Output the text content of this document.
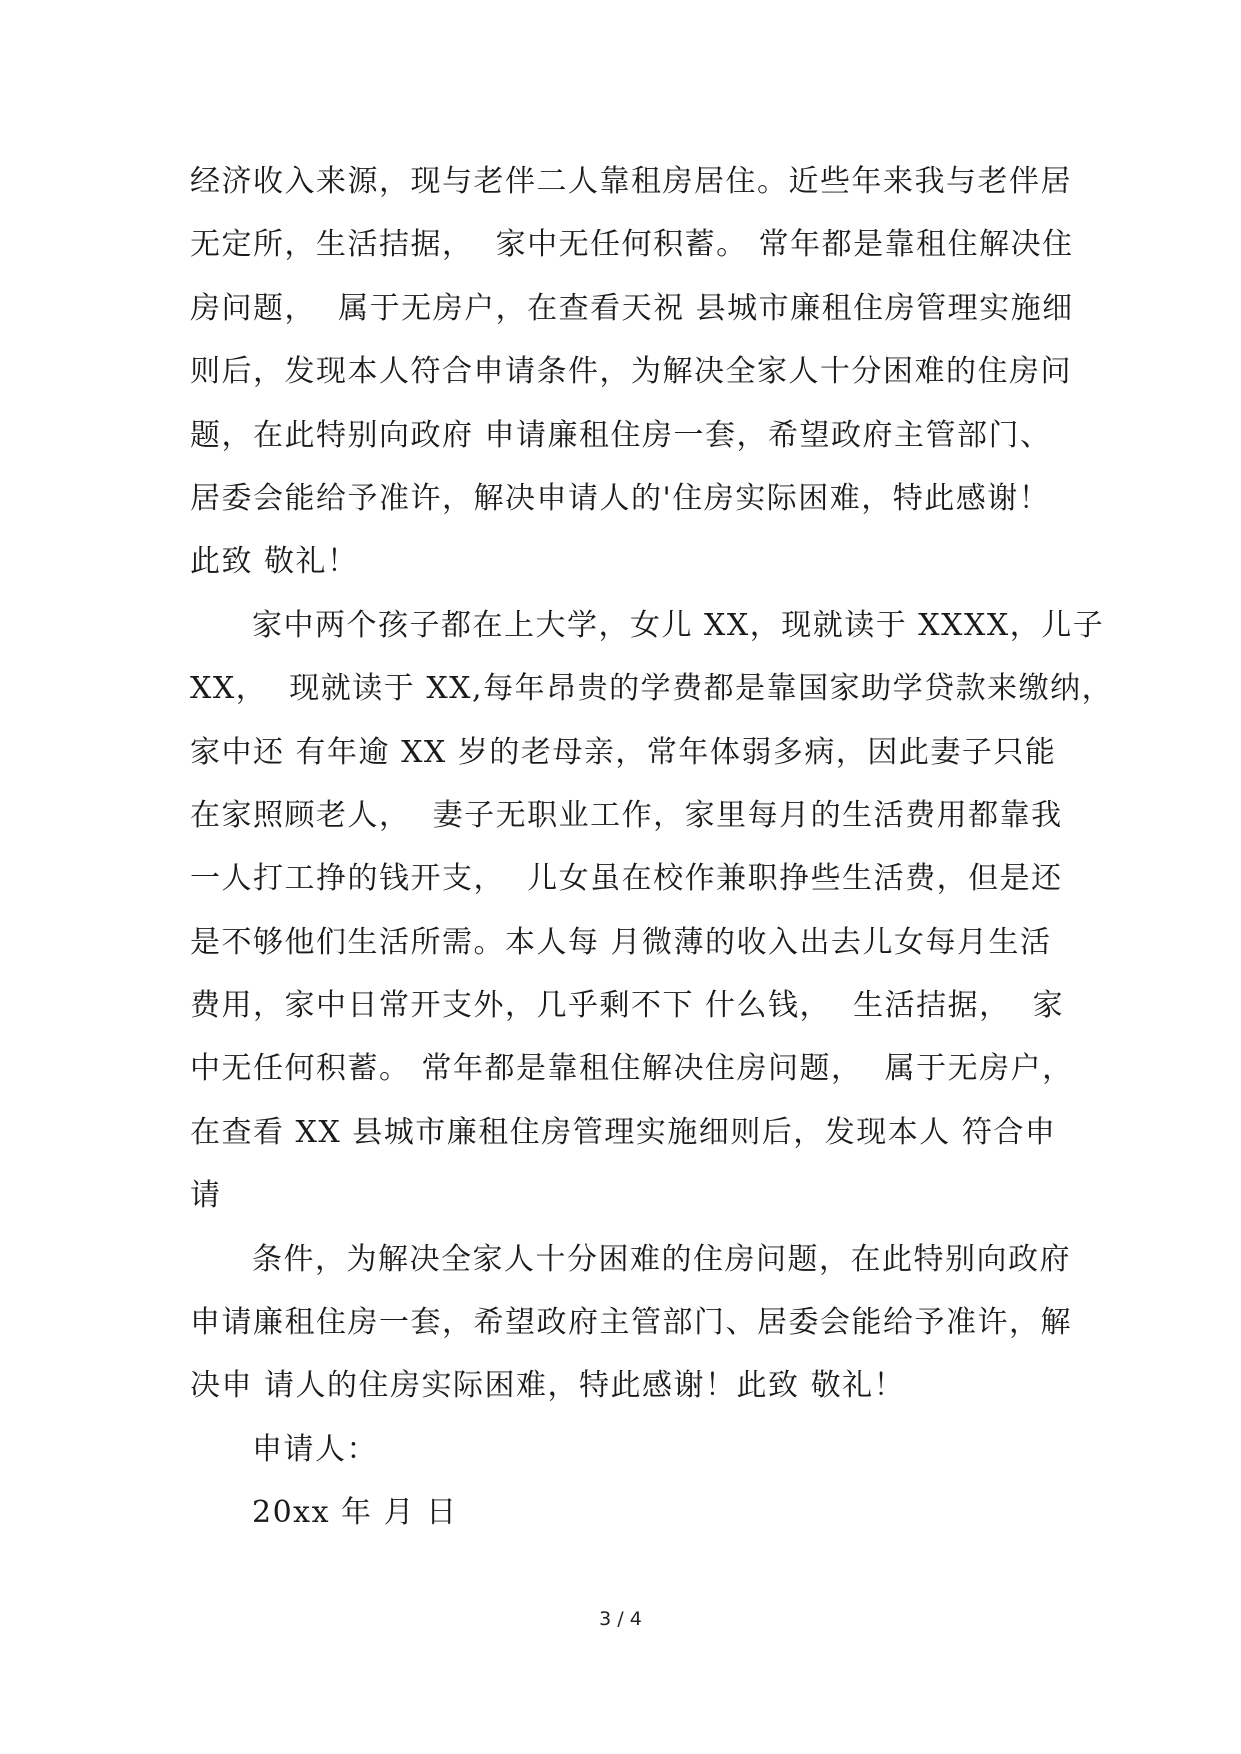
经济收入来源，现与老伴二人靠租房居住。近些年来我与老伴居
无定所，生活拮据，  家中无任何积蓄。 常年都是靠租住解决住
房问题，  属于无房户，在查看天祝 县城市廉租住房管理实施细
则后，发现本人符合申请条件，为解决全家人十分困难的住房问
题，在此特别向政府 申请廉租住房一套，希望政府主管部门、
居委会能给予准许，解决申请人的'住房实际困难，特此感谢！
此致 敬礼！
家中两个孩子都在上大学，女儿 XX，现就读于 XXXX，儿子
XX，  现就读于 XX,每年昂贵的学费都是靠国家助学贷款来缴纳，
家中还 有年逾 XX 岁的老母亲，常年体弱多病，因此妻子只能
在家照顾老人，  妻子无职业工作，家里每月的生活费用都靠我
一人打工挣的钱开支，  儿女虽在校作兼职挣些生活费，但是还
是不够他们生活所需。本人每 月微薄的收入出去儿女每月生活
费用，家中日常开支外，几乎剩不下 什么钱，  生活拮据，  家
中无任何积蓄。 常年都是靠租住解决住房问题，  属于无房户，
在查看 XX 县城市廉租住房管理实施细则后，发现本人 符合申
请
条件，为解决全家人十分困难的住房问题，在此特别向政府
申请廉租住房一套，希望政府主管部门、居委会能给予准许，解
决申 请人的住房实际困难，特此感谢！此致 敬礼！
申请人：
20xx 年 月 日
3 / 4
